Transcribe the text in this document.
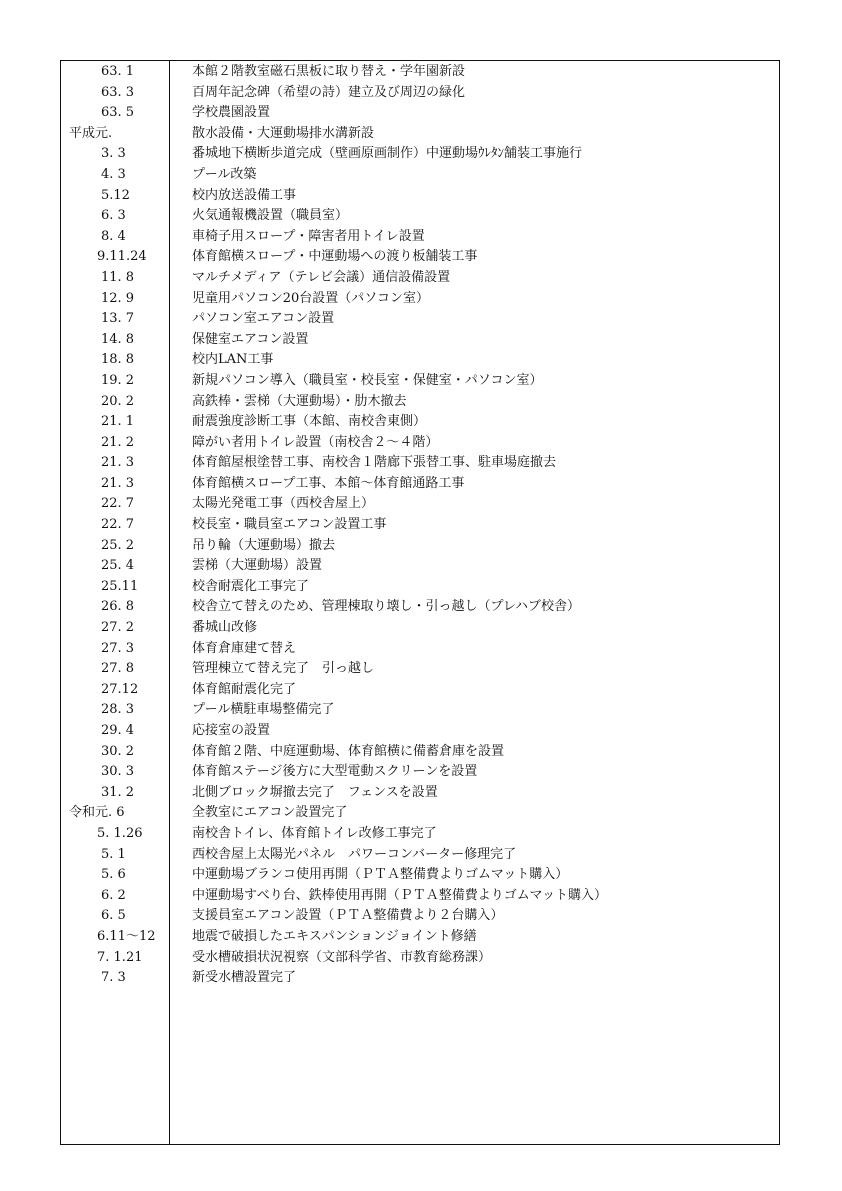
63. 1	本館２階教室磁石黒板に取り替え・学年園新設
63. 3	百周年記念碑（希望の詩）建立及び周辺の緑化
63. 5	学校農園設置
平成元.	散水設備・大運動場排水溝新設
3. 3	番城地下横断歩道完成（壁画原画制作）中運動場ｳﾚﾀﾝ舗装工事施行
4. 3	プール改築
5.12	校内放送設備工事
6. 3	火気通報機設置（職員室）
8. 4	車椅子用スロープ・障害者用トイレ設置
9.11.24	体育館横スロープ・中運動場への渡り板舗装工事
11. 8	マルチメディア（テレビ会議）通信設備設置
12. 9	児童用パソコン20台設置（パソコン室）
13. 7	パソコン室エアコン設置
14. 8	保健室エアコン設置
18. 8	校内LAN工事
19. 2	新規パソコン導入（職員室・校長室・保健室・パソコン室）
20. 2	高鉄棒・雲梯（大運動場）・肋木撤去
21. 1	耐震強度診断工事（本館、南校舎東側）
21. 2	障がい者用トイレ設置（南校舎２～４階）
21. 3	体育館屋根塗替工事、南校舎１階廊下張替工事、駐車場庭撤去
21. 3	体育館横スロープ工事、本館～体育館通路工事
22. 7	太陽光発電工事（西校舎屋上）
22. 7	校長室・職員室エアコン設置工事
25. 2	吊り輪（大運動場）撤去
25. 4	雲梯（大運動場）設置
25.11	校舎耐震化工事完了
26. 8	校舎立て替えのため、管理棟取り壊し・引っ越し（プレハブ校舎）
27. 2	番城山改修
27. 3	体育倉庫建て替え
27. 8	管理棟立て替え完了　引っ越し
27.12	体育館耐震化完了
28. 3	プール横駐車場整備完了
29. 4	応接室の設置
30. 2	体育館２階、中庭運動場、体育館横に備蓄倉庫を設置
30. 3	体育館ステージ後方に大型電動スクリーンを設置
31. 2	北側ブロック塀撤去完了　フェンスを設置
令和元. 6	全教室にエアコン設置完了
5. 1.26	南校舎トイレ、体育館トイレ改修工事完了
5. 1	西校舎屋上太陽光パネル　パワーコンバーター修理完了
5. 6	中運動場ブランコ使用再開（ＰＴＡ整備費よりゴムマット購入）
6. 2	中運動場すべり台、鉄棒使用再開（ＰＴＡ整備費よりゴムマット購入）
6. 5	支援員室エアコン設置（ＰＴＡ整備費より２台購入）
6.11～12	地震で破損したエキスパンションジョイント修繕
7. 1.21	受水槽破損状況視察（文部科学省、市教育総務課）
7. 3	新受水槽設置完了
